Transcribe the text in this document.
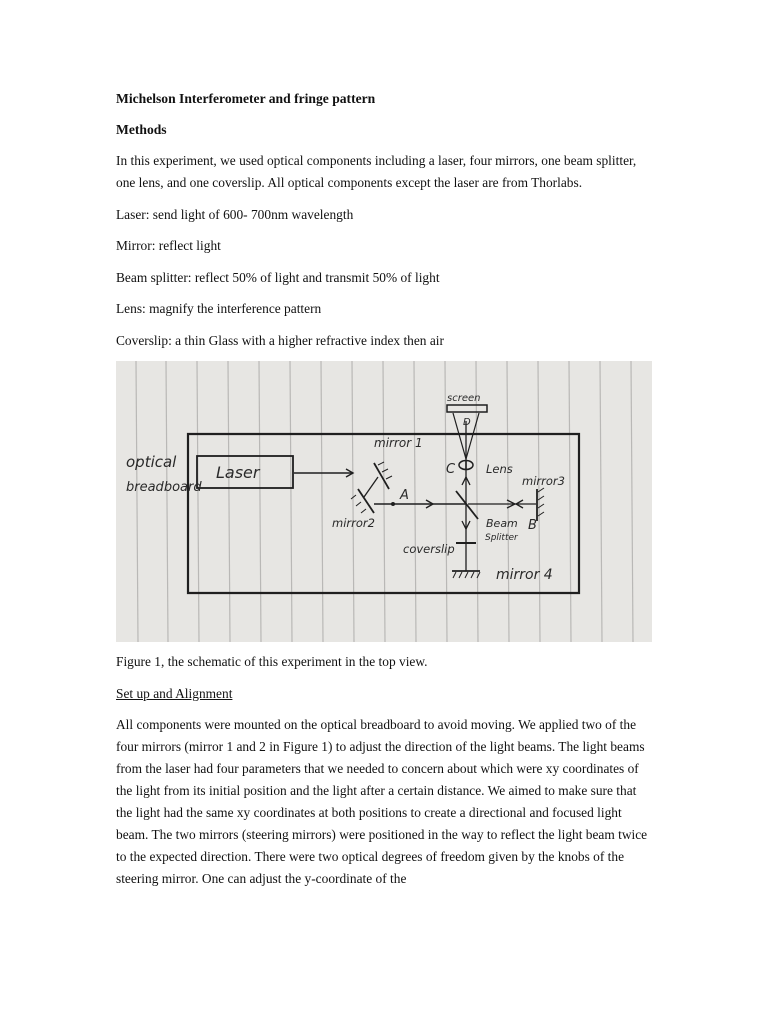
Michelson Interferometer and fringe pattern
Methods

In this experiment, we used optical components including a laser, four mirrors, one beam splitter, one lens, and one coverslip. All optical components except the laser are from Thorlabs.

Laser: send light of 600- 700nm wavelength

Mirror: reflect light

Beam splitter: reflect 50% of light and transmit 50% of light

Lens: magnify the interference pattern

Coverslip: a thin Glass with a higher refractive index then air

optical
breadboard
Laser
mirror 1
mirror2
A
screen
D
C	Lens
mirror3
Beam
Splitter
B
coverslip
mirror 4

Figure 1, the schematic of this experiment in the top view.

Set up and Alignment

All components were mounted on the optical breadboard to avoid moving. We applied two of the four mirrors (mirror 1 and 2 in Figure 1) to adjust the direction of the light beams. The light beams from the laser had four parameters that we needed to concern about which were xy coordinates of the light from its initial position and the light after a certain distance. We aimed to make sure that the light had the same xy coordinates at both positions to create a directional and focused light beam. The two mirrors (steering mirrors) were positioned in the way to reflect the light beam twice to the expected direction. There were two optical degrees of freedom given by the knobs of the steering mirror. One can adjust the y-coordinate of the
